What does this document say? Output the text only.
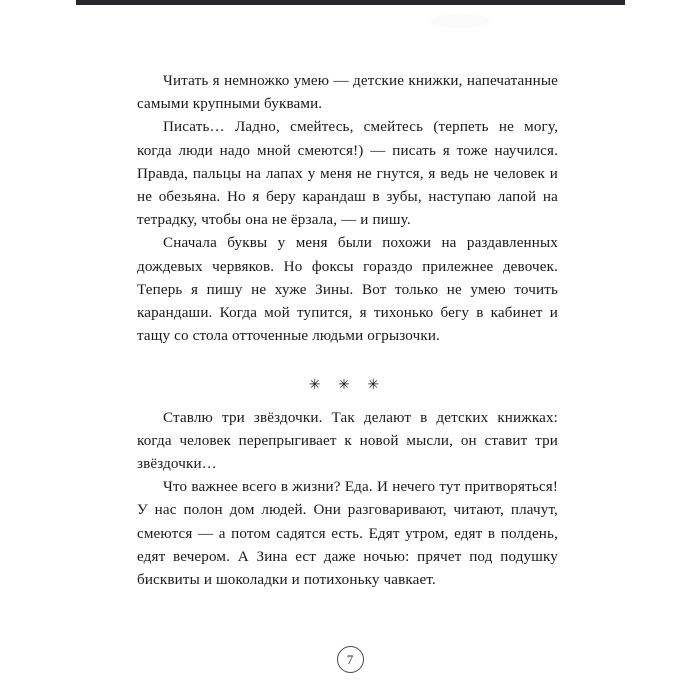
Читать я немножко умею — детские книжки, напечатанные самыми крупными буквами.

Писать… Ладно, смейтесь, смейтесь (терпеть не могу, когда люди надо мной смеются!) — писать я тоже научился. Правда, пальцы на лапах у меня не гнутся, я ведь не человек и не обезьяна. Но я беру карандаш в зубы, наступаю лапой на тетрадку, чтобы она не ёрзала, — и пишу.

Сначала буквы у меня были похожи на раздавленных дождевых червяков. Но фоксы гораздо прилежнее девочек. Теперь я пишу не хуже Зины. Вот только не умею точить карандаши. Когда мой тупится, я тихонько бегу в кабинет и тащу со стола отточенные людьми огрызочки.

✳ ✳ ✳

Ставлю три звёздочки. Так делают в детских книжках: когда человек перепрыгивает к новой мысли, он ставит три звёздочки…

Что важнее всего в жизни? Еда. И нечего тут притворяться! У нас полон дом людей. Они разговаривают, читают, плачут, смеются — а потом садятся есть. Едят утром, едят в полдень, едят вечером. А Зина ест даже ночью: прячет под подушку бисквиты и шоколадки и потихоньку чавкает.

7
